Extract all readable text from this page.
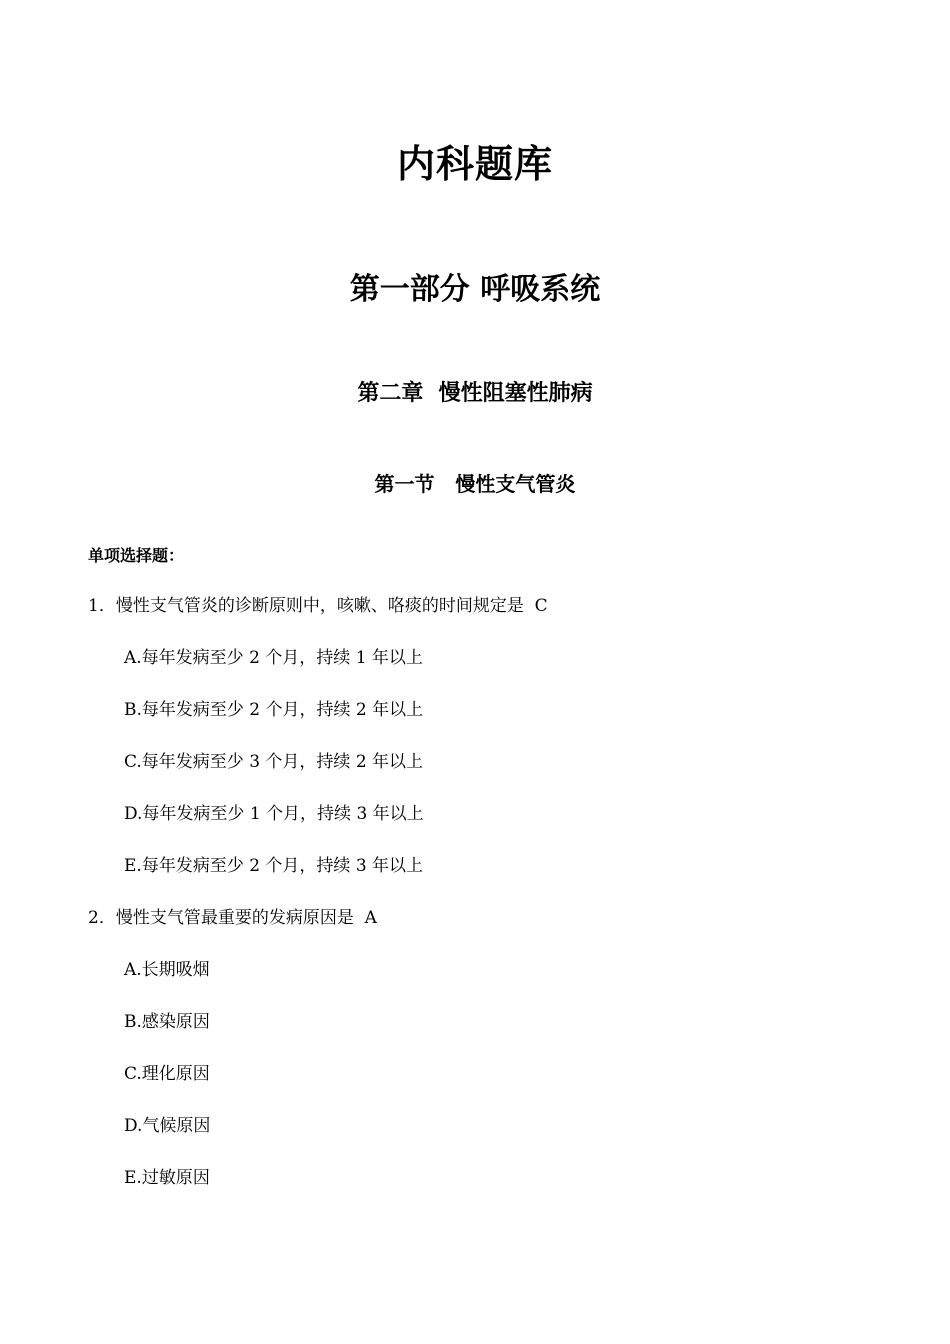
内科题库
第一部分 呼吸系统
第二章  慢性阻塞性肺病
第一节   慢性支气管炎
单项选择题：
1．慢性支气管炎的诊断原则中，咳嗽、咯痰的时间规定是  C
A.每年发病至少 2 个月，持续 1 年以上
B.每年发病至少 2 个月，持续 2 年以上
C.每年发病至少 3 个月，持续 2 年以上
D.每年发病至少 1 个月，持续 3 年以上
E.每年发病至少 2 个月，持续 3 年以上
2．慢性支气管最重要的发病原因是  A
A.长期吸烟
B.感染原因
C.理化原因
D.气候原因
E.过敏原因
